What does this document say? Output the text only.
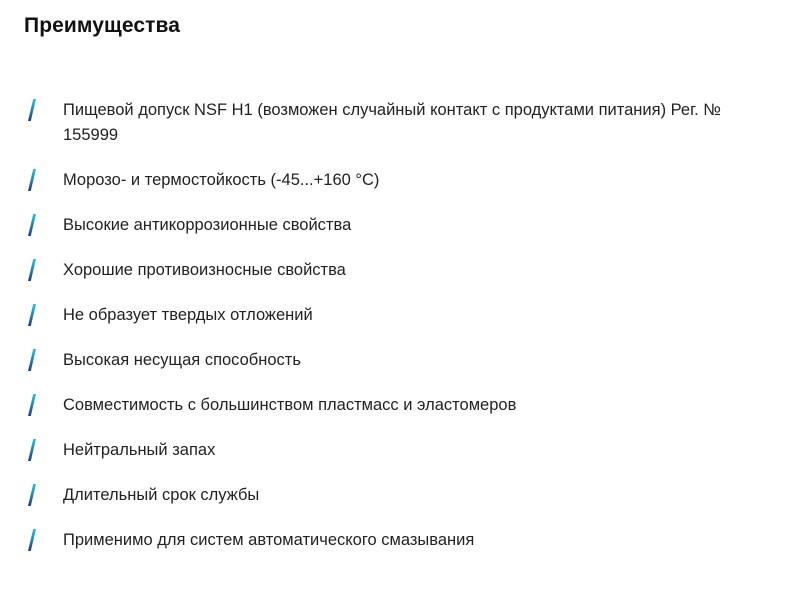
Преимущества
Пищевой допуск NSF H1 (возможен случайный контакт с продуктами питания) Рег. № 155999
Морозо- и термостойкость (-45...+160 °C)
Высокие антикоррозионные свойства
Хорошие противоизносные свойства
Не образует твердых отложений
Высокая несущая способность
Совместимость с большинством пластмасс и эластомеров
Нейтральный запах
Длительный срок службы
Применимо для систем автоматического смазывания
